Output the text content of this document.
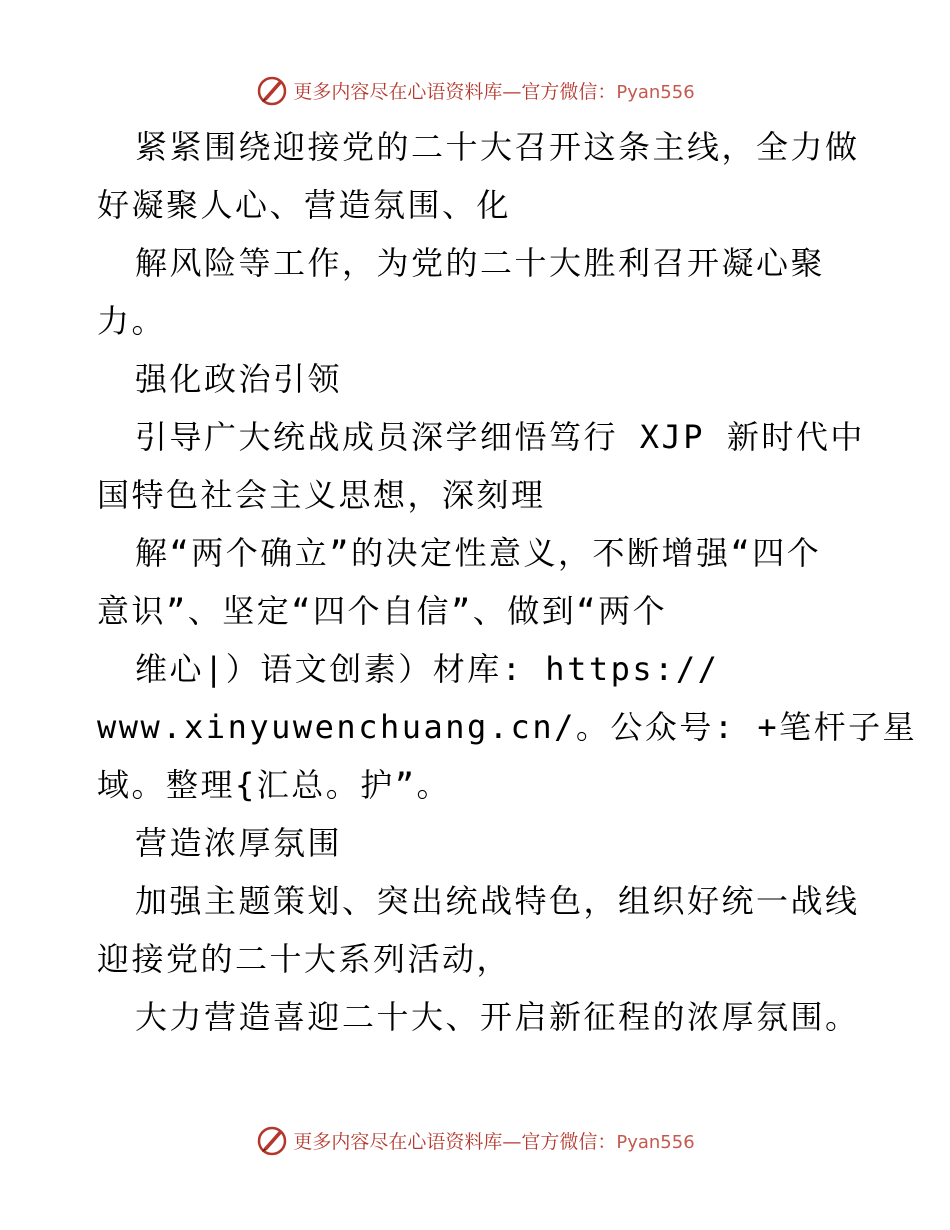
更多内容尽在心语资料库—官方微信：Pyan556
紧紧围绕迎接党的二十大召开这条主线，全力做
好凝聚人心、营造氛围、化
解风险等工作，为党的二十大胜利召开凝心聚
力。
强化政治引领
引导广大统战成员深学细悟笃行 XJP 新时代中
国特色社会主义思想，深刻理
解“两个确立”的决定性意义，不断增强“四个
意识”、坚定“四个自信”、做到“两个
维心|）语文创素）材库: https://
www.xinyuwenchuang.cn/。公众号: +笔杆子星
域。整理{汇总。护”。
营造浓厚氛围
加强主题策划、突出统战特色，组织好统一战线
迎接党的二十大系列活动，
大力营造喜迎二十大、开启新征程的浓厚氛围。
更多内容尽在心语资料库—官方微信：Pyan556
